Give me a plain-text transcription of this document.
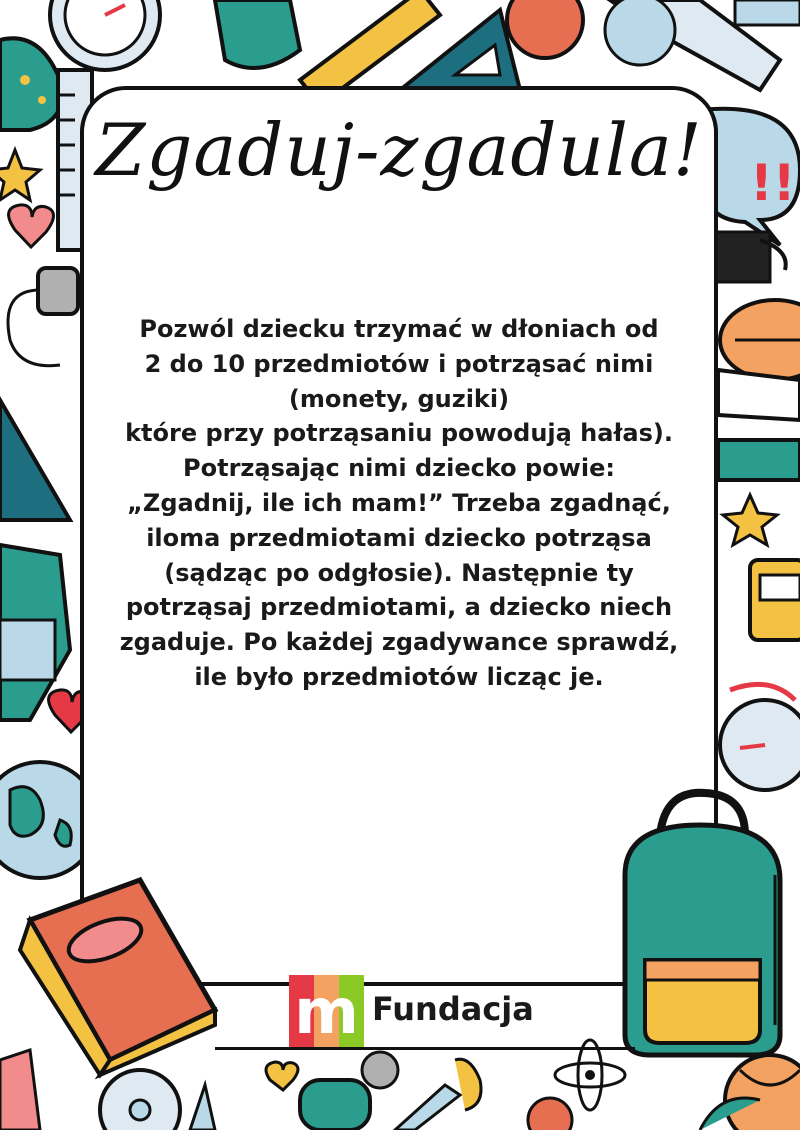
!!
Zgaduj-zgadula!

Pozwól dziecku trzymać w dłoniach od
2 do 10 przedmiotów i potrząsać nimi
(monety, guziki)
które przy potrząsaniu powodują hałas).
Potrząsając nimi dziecko powie:
„Zgadnij, ile ich mam!” Trzeba zgadnąć,
iloma przedmiotami dziecko potrząsa
(sądząc po odgłosie). Następnie ty
potrząsaj przedmiotami, a dziecko niech
zgaduje. Po każdej zgadywance sprawdź,
ile było przedmiotów licząc je.

m Fundacja
